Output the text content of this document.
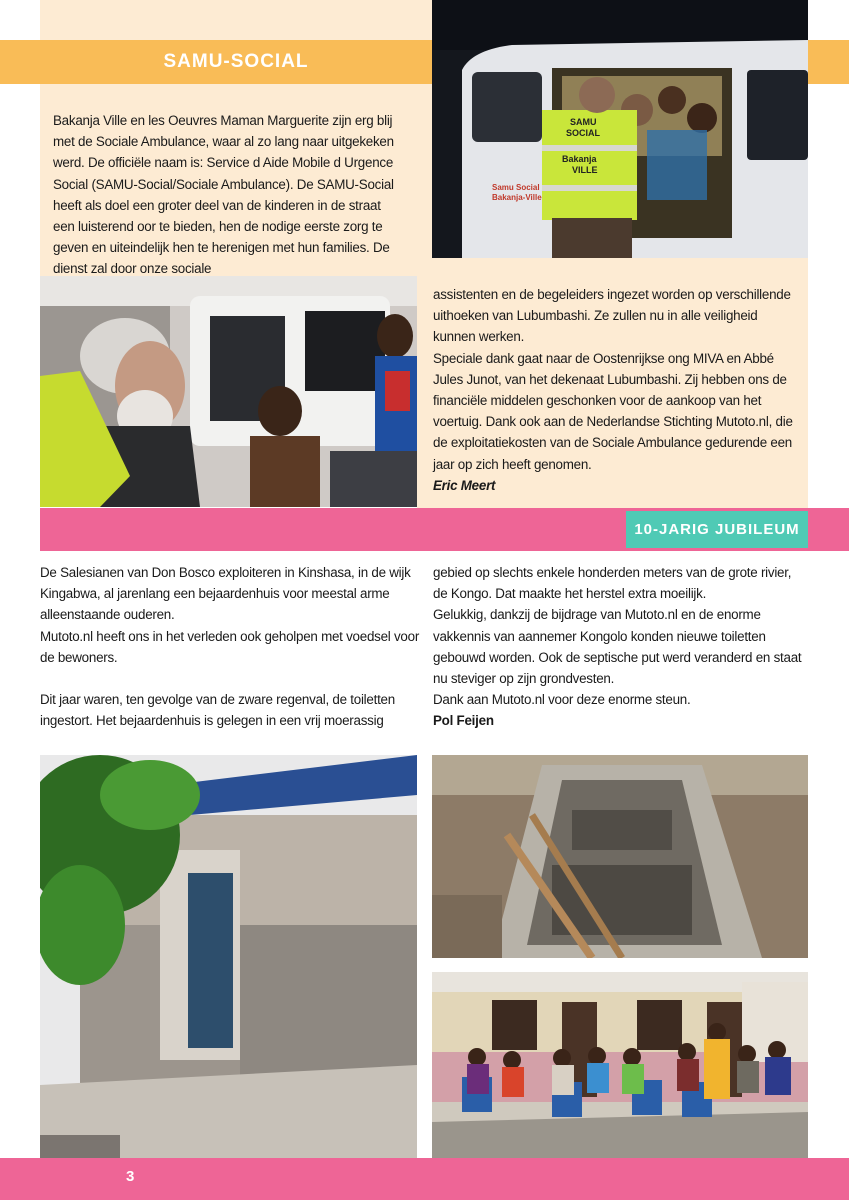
SAMU-SOCIAL
Samu Social
Bakanja-Ville
SAMU
SOCIAL
Bakanja
VILLE

Bakanja Ville en les Oeuvres Maman Marguerite zijn erg blij met de Sociale Ambulance, waar al zo lang naar uitgekeken werd. De officiële naam is: Service d Aide Mobile d Urgence Social (SAMU-Social/Sociale Ambulance). De SAMU-Social heeft als doel een groter deel van de kinderen in de straat een luisterend oor te bieden, hen de nodige eerste zorg te geven en uiteindelijk hen te herenigen met hun families. De dienst zal door onze sociale

assistenten en de begeleiders ingezet worden op verschillende uithoeken van Lubumbashi. Ze zullen nu in alle veiligheid kunnen werken.

Speciale dank gaat naar de Oostenrijkse ong MIVA en Abbé Jules Junot, van het dekenaat Lubumbashi. Zij hebben ons de financiële middelen geschonken voor de aankoop van het voertuig. Dank ook aan de Nederlandse Stichting Mutoto.nl, die de exploitatiekosten van de Sociale Ambulance gedurende een jaar op zich heeft genomen.

Eric Meert

10-JARIG JUBILEUM

De Salesianen van Don Bosco exploiteren in Kinshasa, in de wijk Kingabwa, al jarenlang een bejaardenhuis voor meestal arme alleenstaande ouderen.

Mutoto.nl heeft ons in het verleden ook geholpen met voedsel voor de bewoners.

Dit jaar waren, ten gevolge van de zware regenval, de toiletten ingestort. Het bejaardenhuis is gelegen in een vrij moerassig

gebied op slechts enkele honderden meters van de grote rivier, de Kongo. Dat maakte het herstel extra moeilijk.

Gelukkig, dankzij de bijdrage van Mutoto.nl en de enorme vakkennis van aannemer Kongolo konden nieuwe toiletten gebouwd worden. Ook de septische put werd veranderd en staat nu steviger op zijn grondvesten.

Dank aan Mutoto.nl voor deze enorme steun.

Pol Feijen

3
